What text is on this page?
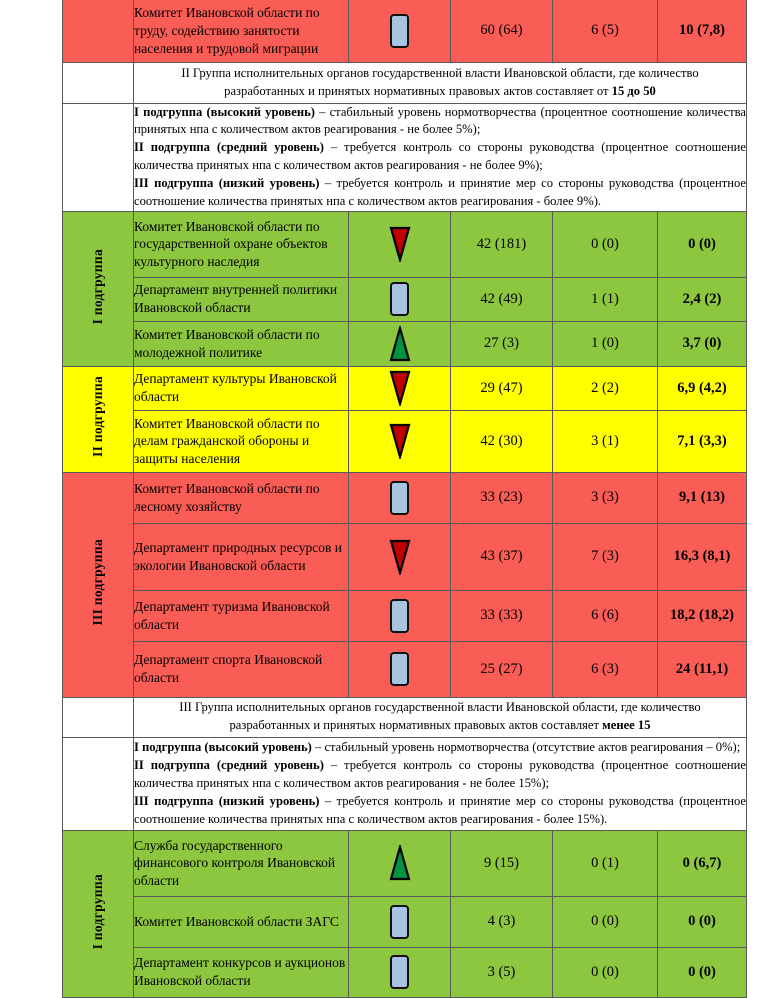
	Комитет Ивановской области по труду, содействию занятости населения и трудовой миграции		60 (64)	6 (5)	10 (7,8)

	II Группа исполнительных органов государственной власти Ивановской области, где количество
разработанных и принятых нормативных правовых актов составляет от 15 до 50				

	I подгруппа (высокий уровень) – стабильный уровень нормотворчества (процентное соотношение количества принятых нпа с количеством актов реагирования - не более 5%);
II подгруппа (средний уровень) – требуется контроль со стороны руководства (процентное соотношение количества принятых нпа с количеством актов реагирования - не более 9%);
III подгруппа (низкий уровень) – требуется контроль и принятие мер со стороны руководства (процентное соотношение количества принятых нпа с количеством актов реагирования - более 9%).				

I подгруппа	Комитет Ивановской области по государственной охране объектов культурного наследия		42 (181)	0 (0)	0 (0)
	Департамент внутренней политики Ивановской области		42 (49)	1 (1)	2,4 (2)
	Комитет Ивановской области по молодежной политике		27 (3)	1 (0)	3,7 (0)
II подгруппа	Департамент культуры Ивановской области		29 (47)	2 (2)	6,9 (4,2)
	Комитет Ивановской области по делам гражданской обороны и защиты населения		42 (30)	3 (1)	7,1 (3,3)
III подгруппа	Комитет Ивановской области по лесному хозяйству		33 (23)	3 (3)	9,1 (13)
	Департамент природных ресурсов и экологии Ивановской области		43 (37)	7 (3)	16,3 (8,1)
	Департамент туризма Ивановской области		33 (33)	6 (6)	18,2 (18,2)
	Департамент спорта Ивановской области		25 (27)	6 (3)	24 (11,1)

	III Группа исполнительных органов государственной власти Ивановской области, где количество
разработанных и принятых нормативных правовых актов составляет менее 15				

	I подгруппа (высокий уровень) – стабильный уровень нормотворчества (отсутствие актов реагирования – 0%);
II подгруппа (средний уровень) – требуется контроль со стороны руководства (процентное соотношение количества принятых нпа с количеством актов реагирования - не более 15%);
III подгруппа (низкий уровень) – требуется контроль и принятие мер со стороны руководства (процентное соотношение количества принятых нпа с количеством актов реагирования - более 15%).				

I подгруппа	Служба государственного финансового контроля Ивановской области		9 (15)	0 (1)	0 (6,7)
	Комитет Ивановской области ЗАГС		4 (3)	0 (0)	0 (0)
	Департамент конкурсов и аукционов Ивановской области		3 (5)	0 (0)	0 (0)
